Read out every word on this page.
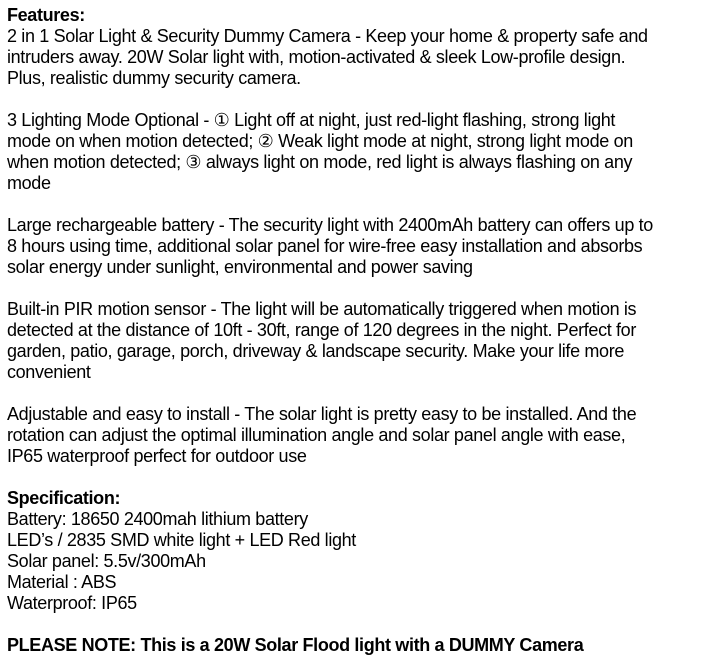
Features:
2 in 1 Solar Light & Security Dummy Camera - Keep your home & property safe and
intruders away. 20W Solar light with, motion-activated & sleek Low-profile design.
Plus, realistic dummy security camera.
3 Lighting Mode Optional - ① Light off at night, just red-light flashing, strong light
mode on when motion detected; ② Weak light mode at night, strong light mode on
when motion detected; ③ always light on mode, red light is always flashing on any
mode
Large rechargeable battery - The security light with 2400mAh battery can offers up to
8 hours using time, additional solar panel for wire-free easy installation and absorbs
solar energy under sunlight, environmental and power saving
Built-in PIR motion sensor - The light will be automatically triggered when motion is
detected at the distance of 10ft - 30ft, range of 120 degrees in the night. Perfect for
garden, patio, garage, porch, driveway & landscape security. Make your life more
convenient
Adjustable and easy to install - The solar light is pretty easy to be installed. And the
rotation can adjust the optimal illumination angle and solar panel angle with ease,
IP65 waterproof perfect for outdoor use
Specification:
Battery: 18650 2400mah lithium battery
LED’s / 2835 SMD white light + LED Red light
Solar panel: 5.5v/300mAh
Material : ABS
Waterproof: IP65
PLEASE NOTE: This is a 20W Solar Flood light with a DUMMY Camera
